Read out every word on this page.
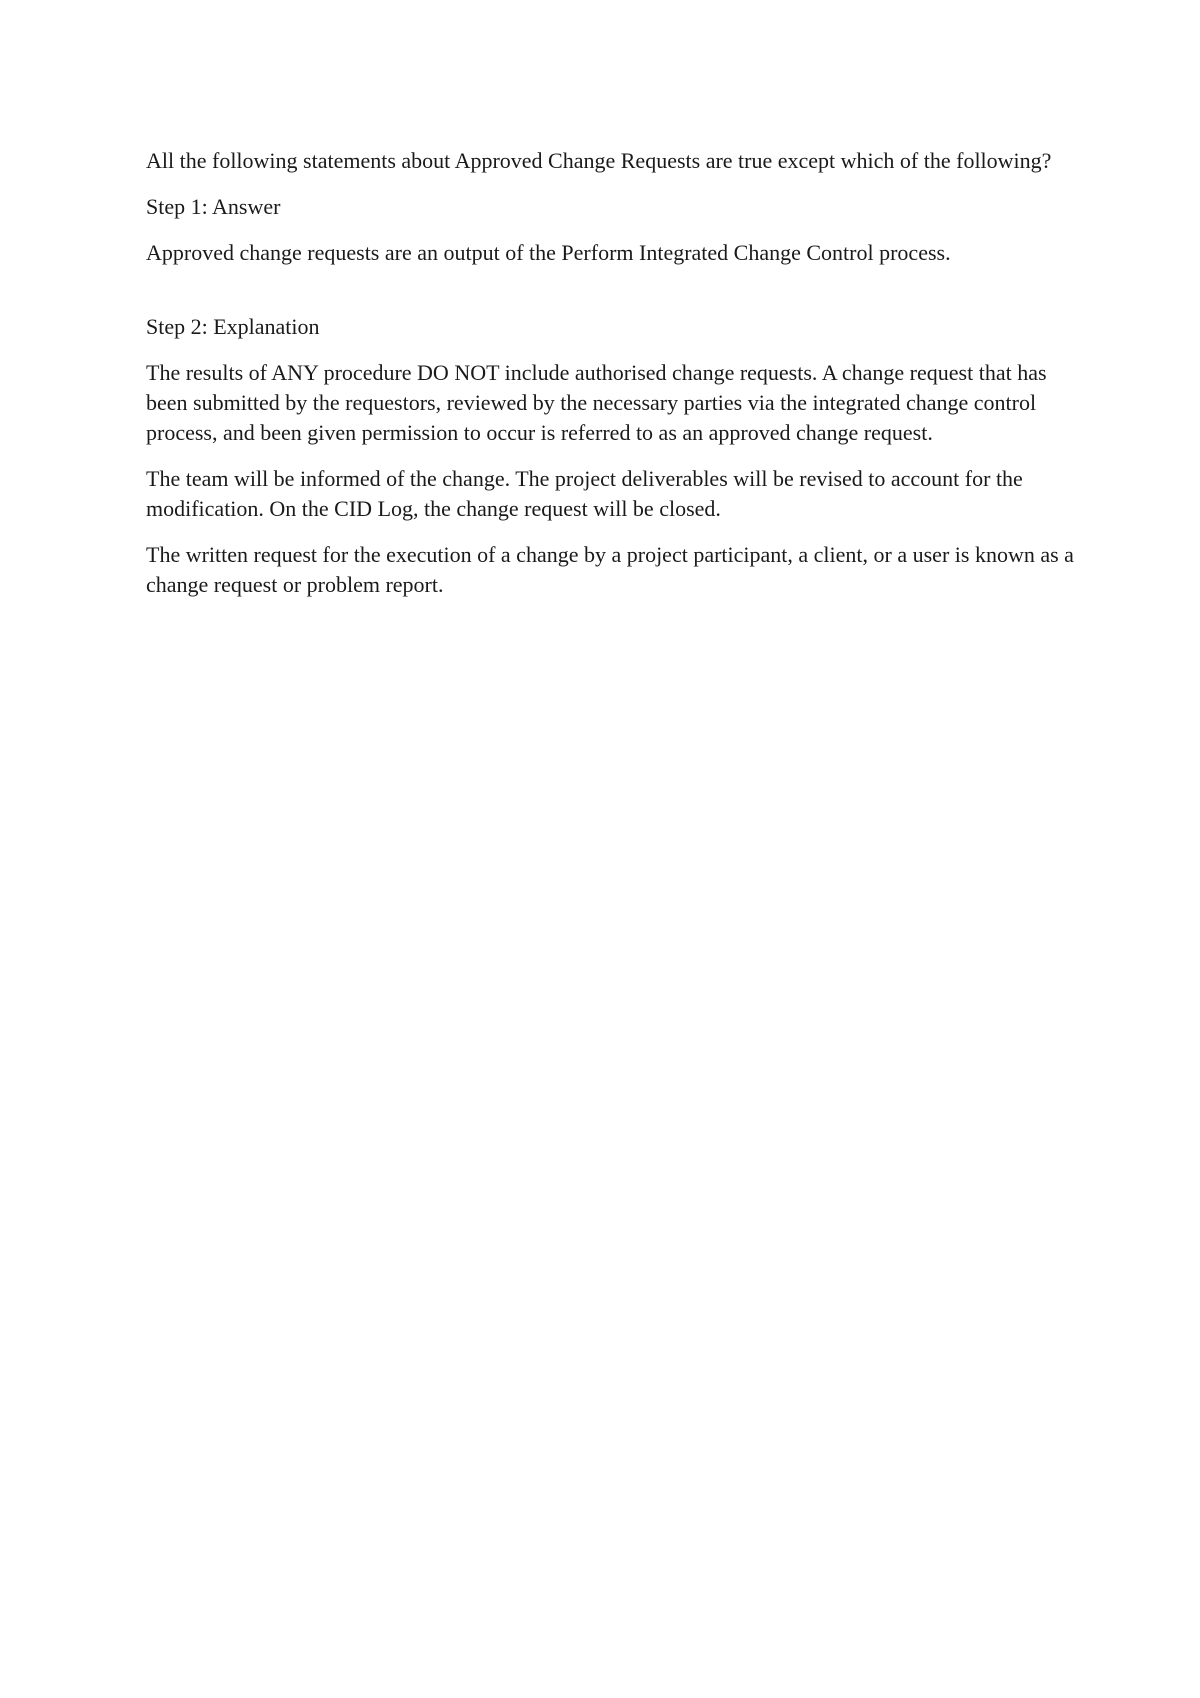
All the following statements about Approved Change Requests are true except which of the following?

Step 1: Answer

Approved change requests are an output of the Perform Integrated Change Control process.

Step 2: Explanation

The results of ANY procedure DO NOT include authorised change requests. A change request that has been submitted by the requestors, reviewed by the necessary parties via the integrated change control process, and been given permission to occur is referred to as an approved change request.

The team will be informed of the change. The project deliverables will be revised to account for the modification. On the CID Log, the change request will be closed.

The written request for the execution of a change by a project participant, a client, or a user is known as a change request or problem report.
